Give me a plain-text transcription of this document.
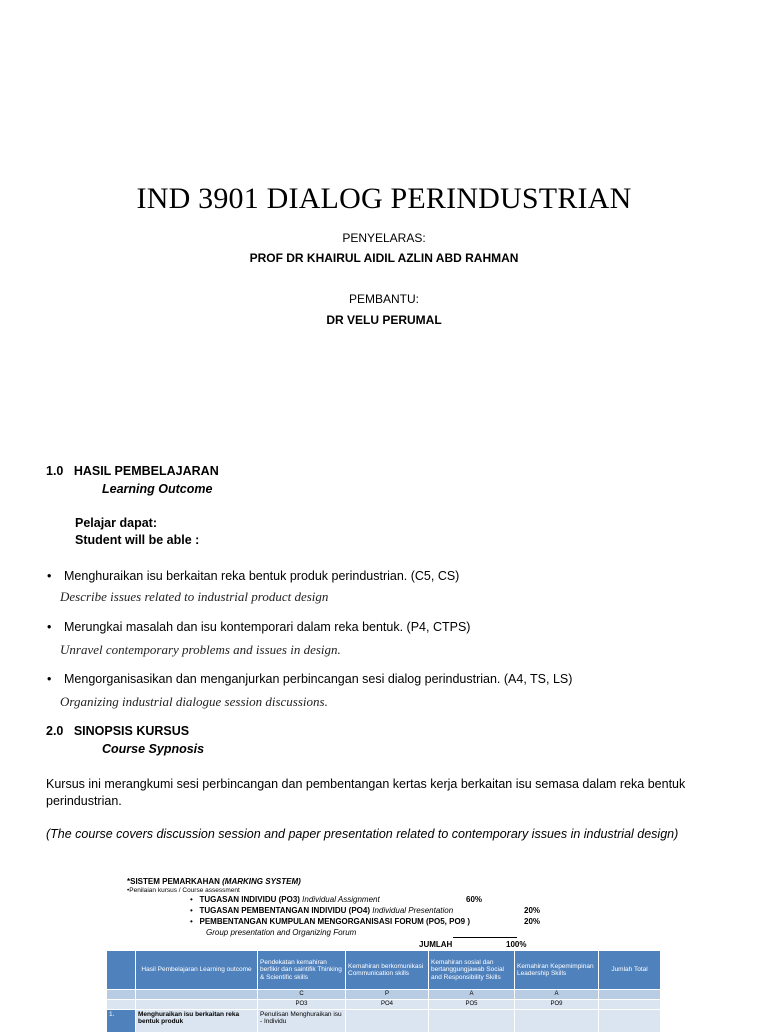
IND 3901 DIALOG PERINDUSTRIAN
PENYELARAS:
PROF DR KHAIRUL AIDIL AZLIN ABD RAHMAN
PEMBANTU:
DR VELU PERUMAL
1.0 HASIL PEMBELAJARAN
Learning Outcome
Pelajar dapat:
Student will be able :
• Menghuraikan isu berkaitan reka bentuk produk perindustrian. (C5, CS)
Describe issues related to industrial product design
• Merungkai masalah dan isu kontemporari dalam reka bentuk. (P4, CTPS)
Unravel contemporary problems and issues in design.
• Mengorganisasikan dan menganjurkan perbincangan sesi dialog perindustrian. (A4, TS, LS)
Organizing industrial dialogue session discussions.
2.0 SINOPSIS KURSUS
Course Sypnosis
Kursus ini merangkumi sesi perbincangan dan pembentangan kertas kerja berkaitan isu semasa dalam reka bentuk perindustrian.
(The course covers discussion session and paper presentation related to contemporary issues in industrial design)
*SISTEM PEMARKAHAN (MARKING SYSTEM)
•Penilaian kursus / Course assessment
•   TUGASAN INDIVIDU (PO3) Individual Assignment	60%
•   TUGASAN PEMBENTANGAN INDIVIDU (PO4) Individual Presentation	20%
•   PEMBENTANGAN KUMPULAN MENGORGANISASI FORUM (PO5, PO9 )	20%
Group presentation and Organizing Forum
JUMLAH	100%
	Hasil Pembelajaran Learning outcome	Pendekatan kemahiran berfikir dan saintifik Thinking & Scientific skills	Kemahiran berkomunikasi Communication skills	Kemahiran sosial dan bertanggungjawab Social and Responsibility Skills	Kemahiran Kepemimpinan Leadership Skills	Jumlah Total
		C	P	A	A	
		PO3	PO4	PO5	PO9	
1.	Menghuraikan isu berkaitan reka bentuk produk	Penulisan Menghuraikan isu - Individu				
